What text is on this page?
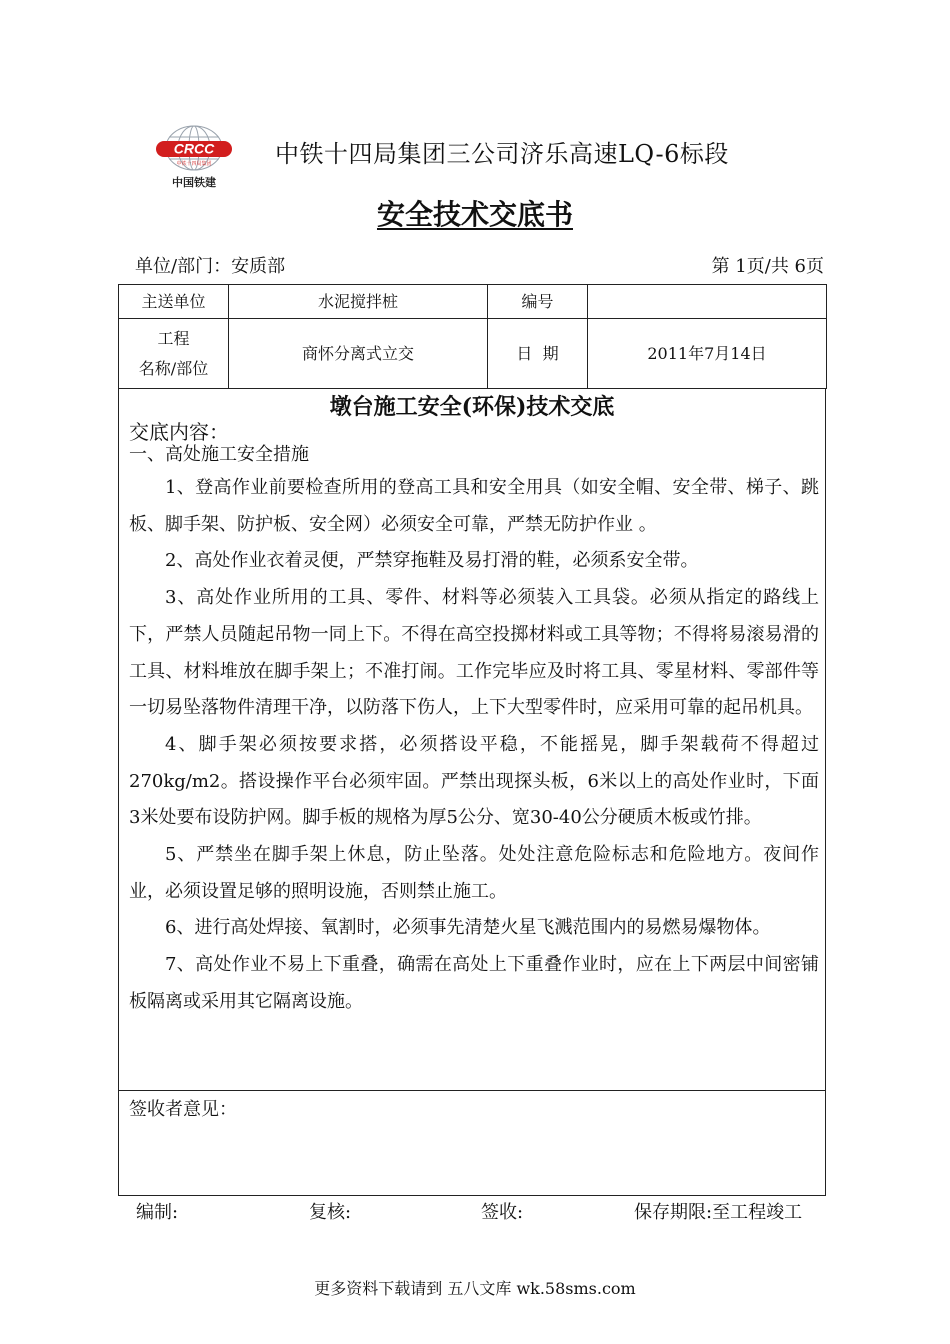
CRCC
中铁十四局集团
中国铁建
中铁十四局集团三公司济乐高速LQ-6标段
安全技术交底书
单位/部门：安质部	第 1页/共 6页
主送单位	水泥搅拌桩	编号	

工程
名称/部位	商怀分离式立交	日  期	2011年7月14日
墩台施工安全(环保)技术交底
交底内容：
一、高处施工安全措施

1、登高作业前要检查所用的登高工具和安全用具（如安全帽、安全带、梯子、跳板、脚手架、防护板、安全网）必须安全可靠，严禁无防护作业 。

2、高处作业衣着灵便，严禁穿拖鞋及易打滑的鞋，必须系安全带。

3、高处作业所用的工具、零件、材料等必须装入工具袋。必须从指定的路线上下，严禁人员随起吊物一同上下。不得在高空投掷材料或工具等物；不得将易滚易滑的工具、材料堆放在脚手架上；不准打闹。工作完毕应及时将工具、零星材料、零部件等一切易坠落物件清理干净，以防落下伤人，上下大型零件时，应采用可靠的起吊机具。

4、脚手架必须按要求搭，必须搭设平稳，不能摇晃，脚手架载荷不得超过270kg/m2。搭设操作平台必须牢固。严禁出现探头板，6米以上的高处作业时，下面3米处要布设防护网。脚手板的规格为厚5公分、宽30-40公分硬质木板或竹排。

5、严禁坐在脚手架上休息，防止坠落。处处注意危险标志和危险地方。夜间作业，必须设置足够的照明设施，否则禁止施工。

6、进行高处焊接、氧割时，必须事先清楚火星飞溅范围内的易燃易爆物体。

7、高处作业不易上下重叠，确需在高处上下重叠作业时，应在上下两层中间密铺板隔离或采用其它隔离设施。

签收者意见：
编制:	复核:	签收:	保存期限:至工程竣工
更多资料下载请到 五八文库 wk.58sms.com
